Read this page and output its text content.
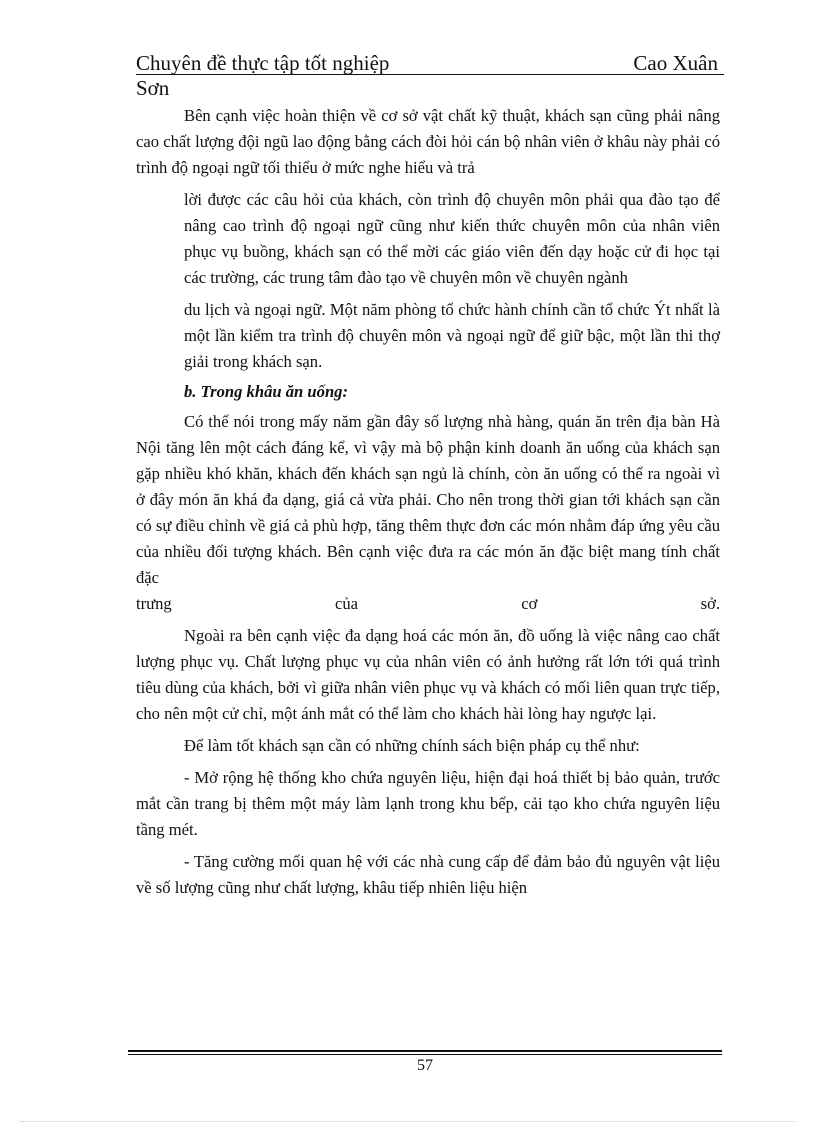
Chuyên đề thực tập tốt nghiệp	Cao Xuân
Sơn

Bên cạnh việc hoàn thiện về cơ sở vật chất kỹ thuật, khách sạn cũng phải nâng cao chất lượng đội ngũ lao động bằng cách đòi hỏi cán bộ nhân viên ở khâu này phải có trình độ ngoại ngữ tối thiểu ở mức nghe hiểu và trả

lời được các câu hỏi của khách, còn trình độ chuyên môn phải qua đào tạo để nâng cao trình độ ngoại ngữ cũng như kiến thức chuyên môn của nhân viên phục vụ buồng, khách sạn có thể mời các giáo viên đến dạy hoặc cử đi học tại các trường, các trung tâm đào tạo về chuyên môn về chuyên ngành

du lịch và ngoại ngữ. Một năm phòng tổ chức hành chính cần tổ chức Ýt nhất là một lần kiểm tra trình độ chuyên môn và ngoại ngữ để giữ bậc, một lần thi thợ giải trong khách sạn.

b. Trong khâu ăn uống:

Có thể nói trong mấy năm gần đây số lượng nhà hàng, quán ăn trên địa bàn Hà Nội tăng lên một cách đáng kể, vì vậy mà bộ phận kinh doanh ăn uống của khách sạn gặp nhiều khó khăn, khách đến khách sạn ngủ là chính, còn ăn uống có thể ra ngoài vì ở đây món ăn khá đa dạng, giá cả vừa phải. Cho nên trong thời gian tới khách sạn cần có sự điều chỉnh về giá cả phù hợp, tăng thêm thực đơn các món nhằm đáp ứng yêu cầu của nhiều đối tượng khách. Bên cạnh việc đưa ra các món ăn đặc biệt mang tính chất đặc

trưng	của	cơ	sở.

Ngoài ra bên cạnh việc đa dạng hoá các món ăn, đồ uống là việc nâng cao chất lượng phục vụ. Chất lượng phục vụ của nhân viên có ảnh hưởng rất lớn tới quá trình tiêu dùng của khách, bởi vì giữa nhân viên phục vụ và khách có mối liên quan trực tiếp, cho nên một cử chỉ, một ánh mắt có thể làm cho khách hài lòng hay ngược lại.

Để làm tốt khách sạn cần có những chính sách biện pháp cụ thể như:

- Mở rộng hệ thống kho chứa nguyên liệu, hiện đại hoá thiết bị bảo quản, trước mắt cần trang bị thêm một máy làm lạnh trong khu bếp, cải tạo kho chứa nguyên liệu tầng mét.

- Tăng cường mối quan hệ với các nhà cung cấp để đảm bảo đủ nguyên vật liệu về số lượng cũng như chất lượng, khâu tiếp nhiên liệu hiện

57
